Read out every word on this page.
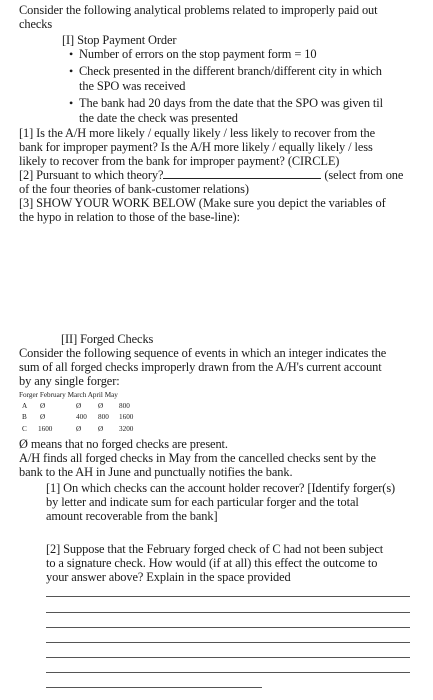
Consider the following analytical problems related to improperly paid out
checks
[I] Stop Payment Order
• Number of errors on the stop payment form = 10
• Check presented in the different branch/different city in which
the SPO was received
• The bank had 20 days from the date that the SPO was given til
the date the check was presented
[1] Is the A/H more likely / equally likely / less likely to recover from the
bank for improper payment? Is the A/H more likely / equally likely / less
likely to recover from the bank for improper payment? (CIRCLE)
[2] Pursuant to which theory?	(select from one
of the four theories of bank-customer relations)
[3] SHOW YOUR WORK BELOW (Make sure you depict the variables of
the hypo in relation to those of the base-line):
[II] Forged Checks
Consider the following sequence of events in which an integer indicates the
sum of all forged checks improperly drawn from the A/H's current account
by any single forger:
Forger February March April May
A Ø	Ø Ø 800
B Ø	400 800 1600
C 1600	Ø Ø 3200
Ø means that no forged checks are present.
A/H finds all forged checks in May from the cancelled checks sent by the
bank to the AH in June and punctually notifies the bank.
[1] On which checks can the account holder recover? [Identify forger(s)
by letter and indicate sum for each particular forger and the total
amount recoverable from the bank]
[2] Suppose that the February forged check of C had not been subject
to a signature check. How would (if at all) this effect the outcome to
your answer above? Explain in the space provided
